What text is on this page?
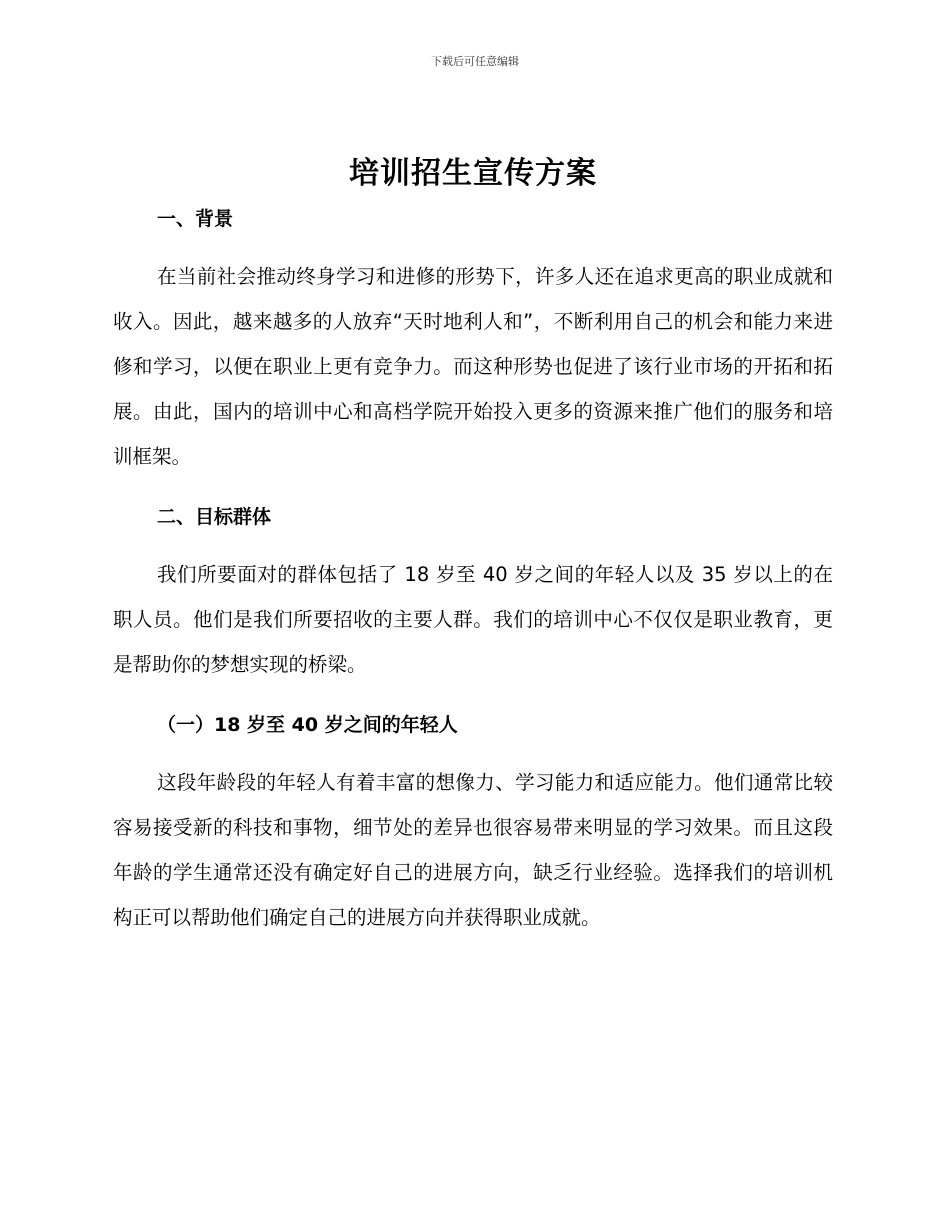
下载后可任意编辑

培训招生宣传方案
一、背景

在当前社会推动终身学习和进修的形势下，许多人还在追求更高的职业成就和收入。因此，越来越多的人放弃“天时地利人和”，不断利用自己的机会和能力来进修和学习，以便在职业上更有竞争力。而这种形势也促进了该行业市场的开拓和拓展。由此，国内的培训中心和高档学院开始投入更多的资源来推广他们的服务和培训框架。

二、目标群体

我们所要面对的群体包括了 18 岁至 40 岁之间的年轻人以及 35 岁以上的在职人员。他们是我们所要招收的主要人群。我们的培训中心不仅仅是职业教育，更是帮助你的梦想实现的桥梁。

（一）18 岁至 40 岁之间的年轻人

这段年龄段的年轻人有着丰富的想像力、学习能力和适应能力。他们通常比较容易接受新的科技和事物，细节处的差异也很容易带来明显的学习效果。而且这段年龄的学生通常还没有确定好自己的进展方向，缺乏行业经验。选择我们的培训机构正可以帮助他们确定自己的进展方向并获得职业成就。
